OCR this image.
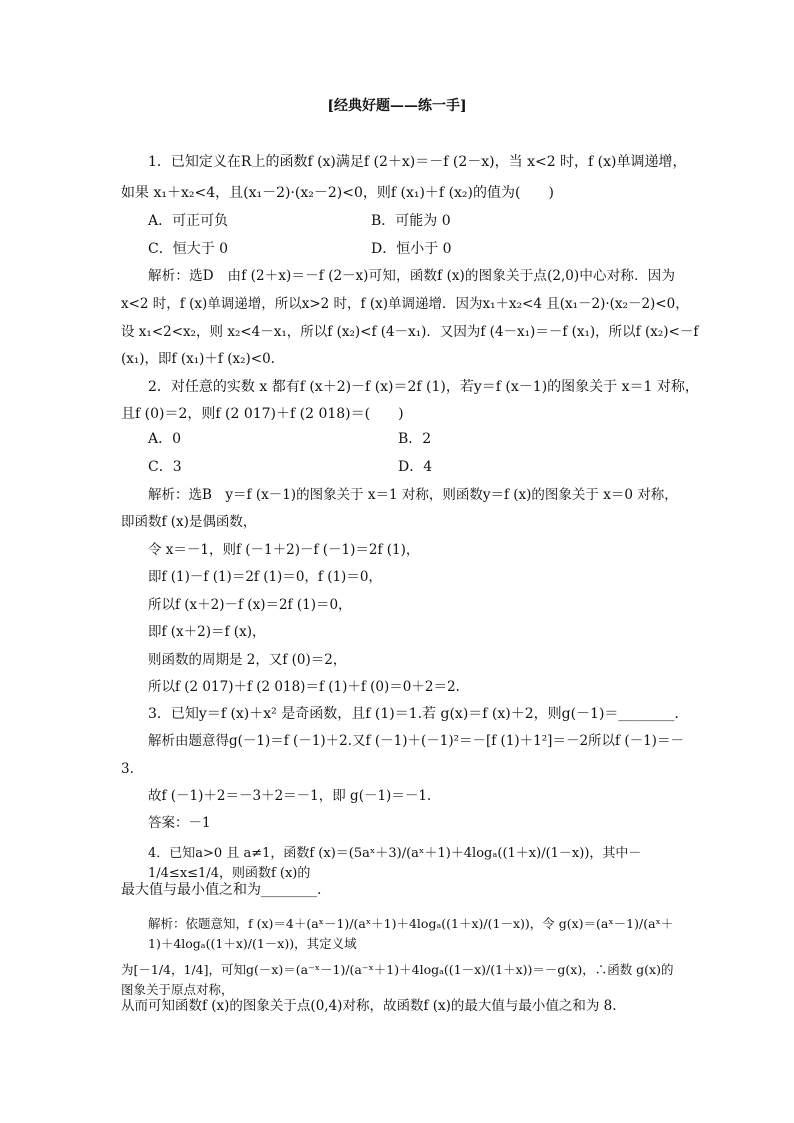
[经典好题——练一手]
1．已知定义在R上的函数f (x)满足f (2＋x)＝－f (2－x)，当 x<2 时，f (x)单调递增，
如果 x₁＋x₂<4，且(x₁－2)·(x₂－2)<0，则f (x₁)＋f (x₂)的值为(　　)
A．可正可负	B．可能为 0
C．恒大于 0	D．恒小于 0
解析：选D　由f (2＋x)＝－f (2－x)可知，函数f (x)的图象关于点(2,0)中心对称．因为
x<2 时，f (x)单调递增，所以x>2 时，f (x)单调递增．因为x₁＋x₂<4 且(x₁－2)·(x₂－2)<0，
设 x₁<2<x₂，则 x₂<4－x₁，所以f (x₂)<f (4－x₁)．又因为f (4－x₁)＝－f (x₁)，所以f (x₂)<－f
(x₁)，即f (x₁)＋f (x₂)<0.
2．对任意的实数 x 都有f (x＋2)－f (x)＝2f (1)，若y＝f (x－1)的图象关于 x＝1 对称，
且f (0)＝2，则f (2 017)＋f (2 018)＝(　　)
A．0	B．2
C．3	D．4
解析：选B　y＝f (x－1)的图象关于 x＝1 对称，则函数y＝f (x)的图象关于 x＝0 对称，
即函数f (x)是偶函数，
令 x＝－1，则f (－1＋2)－f (－1)＝2f (1)，
即f (1)－f (1)＝2f (1)＝0，f (1)＝0，
所以f (x＋2)－f (x)＝2f (1)＝0，
即f (x＋2)＝f (x)，
则函数的周期是 2，又f (0)＝2，
所以f (2 017)＋f (2 018)＝f (1)＋f (0)＝0＋2＝2.
3．已知y＝f (x)＋x² 是奇函数，且f (1)＝1.若 g(x)＝f (x)＋2，则g(－1)＝________.
解析由题意得g(－1)＝f (－1)＋2.又f (－1)＋(－1)²＝－[f (1)＋1²]＝－2所以f (－1)＝－
3.
故f (－1)＋2＝－3＋2＝－1，即 g(－1)＝－1.
答案：－1
4．已知a>0 且 a≠1，函数f (x)＝(5aˣ＋3)/(aˣ＋1)＋4logₐ((1＋x)/(1－x))，其中－1/4≤x≤1/4，则函数f (x)的
最大值与最小值之和为________.
解析：依题意知，f (x)＝4＋(aˣ－1)/(aˣ＋1)＋4logₐ((1＋x)/(1－x))，令 g(x)＝(aˣ－1)/(aˣ＋1)＋4logₐ((1＋x)/(1－x))，其定义域
为[－1/4，1/4]，可知g(－x)＝(a⁻ˣ－1)/(a⁻ˣ＋1)＋4logₐ((1－x)/(1＋x))＝－g(x)，∴函数 g(x)的图象关于原点对称，
从而可知函数f (x)的图象关于点(0,4)对称，故函数f (x)的最大值与最小值之和为 8.
